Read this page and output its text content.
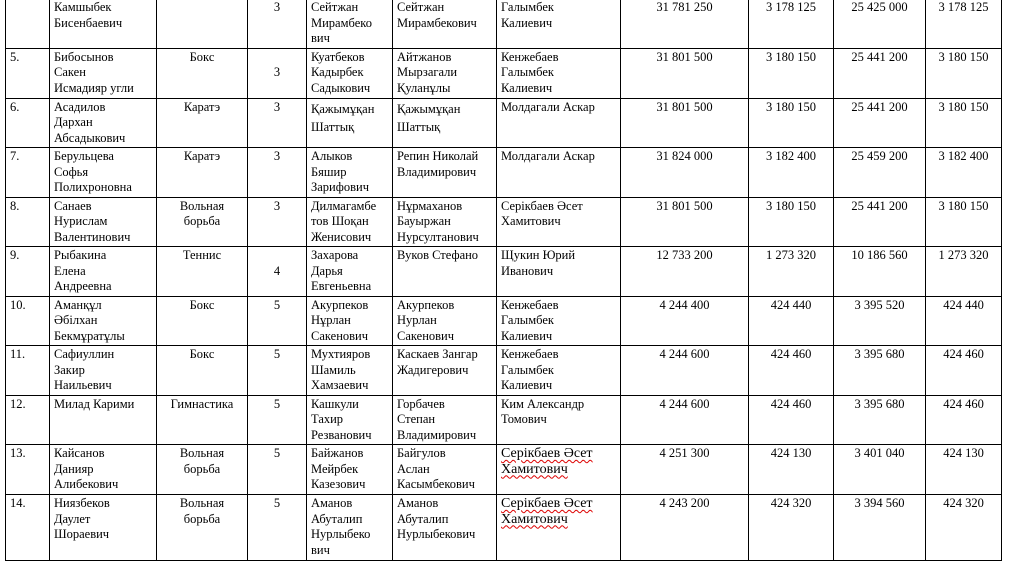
	Камшыбек
Бисенбаевич		3	Сейтжан
Мирамбеко
вич	Сейтжан
Мирамбекович	Галымбек
Калиевич	31 781 250	3 178 125	25 425 000	3 178 125
5.	Бибосынов
Сакен
Исмадияр угли	Бокс	3	Куатбеков
Кадырбек
Садыкович	Айтжанов
Мырзагали
Қуланұлы	Кенжебаев
Галымбек
Калиевич	31 801 500	3 180 150	25 441 200	3 180 150
6.	Асадилов
Дархан
Абсадыкович	Каратэ	3	Қажымұқан
Шаттық	Қажымұқан
Шаттық	Молдагали Аскар	31 801 500	3 180 150	25 441 200	3 180 150
7.	Берульцева
Софья
Полихроновна	Каратэ	3	Алыков
Бяшир
Зарифович	Репин Николай
Владимирович	Молдагали Аскар	31 824 000	3 182 400	25 459 200	3 182 400
8.	Санаев
Нурислам
Валентинович	Вольная
борьба	3	Дилмагамбе
тов Шоқан
Женисович	Нұрмаханов
Бауыржан
Нурсултанович	Серікбаев Әсет
Хамитович	31 801 500	3 180 150	25 441 200	3 180 150
9.	Рыбакина
Елена
Андреевна	Теннис	4	Захарова
Дарья
Евгеньевна	Вуков Стефано	Щукин Юрий
Иванович	12 733 200	1 273 320	10 186 560	1 273 320
10.	Аманқұл
Әбілхан
Бекмұратұлы	Бокс	5	Акурпеков
Нұрлан
Сакенович	Акурпеков
Нурлан
Сакенович	Кенжебаев
Галымбек
Калиевич	4 244 400	424 440	3 395 520	424 440
11.	Сафиуллин
Закир
Наильевич	Бокс	5	Мухтияров
Шамиль
Хамзаевич	Каскаев Зангар
Жадигерович	Кенжебаев
Галымбек
Калиевич	4 244 600	424 460	3 395 680	424 460
12.	Милад Карими	Гимнастика	5	Кашкули
Тахир
Резванович	Горбачев
Степан
Владимирович	Ким Александр
Томович	4 244 600	424 460	3 395 680	424 460
13.	Кайсанов
Данияр
Алибекович	Вольная
борьба	5	Байжанов
Мейрбек
Казезович	Байгулов
Аслан
Касымбекович	Серікбаев Әсет
Хамитович	4 251 300	424 130	3 401 040	424 130
14.	Ниязбеков
Даулет
Шораевич	Вольная
борьба	5	Аманов
Абуталип
Нурлыбеко
вич	Аманов
Абуталип
Нурлыбекович	Серікбаев Әсет
Хамитович	4 243 200	424 320	3 394 560	424 320
